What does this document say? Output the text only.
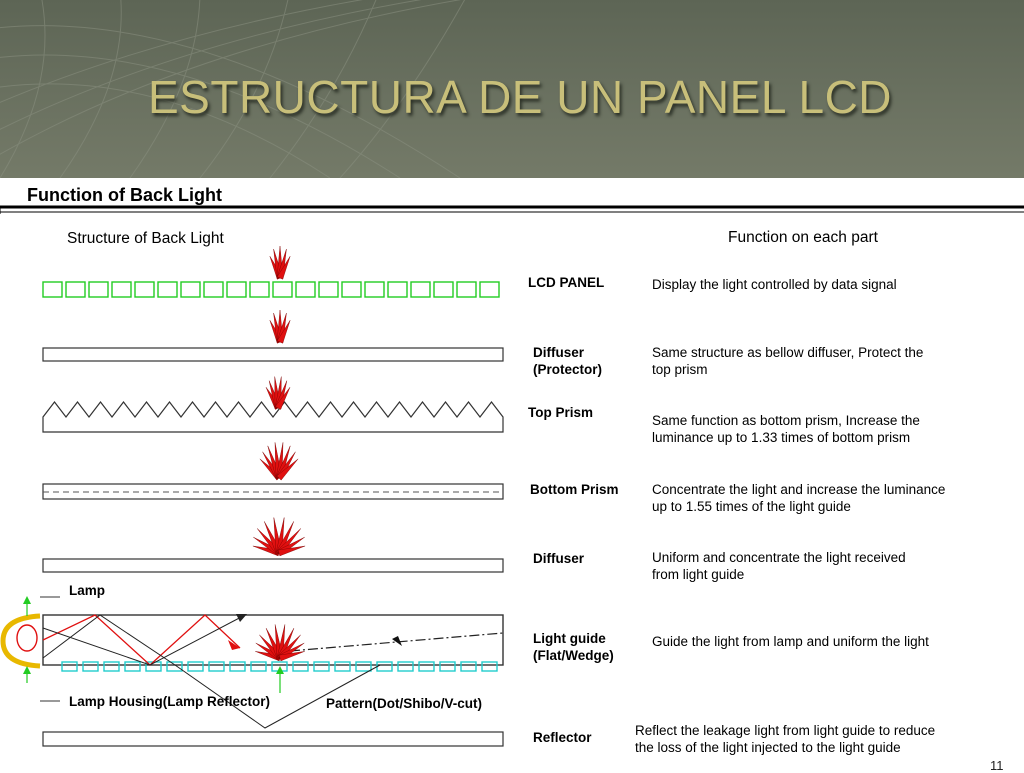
ESTRUCTURA DE UN PANEL LCD
Function of Back Light
Structure of Back Light	Function on each part
LCD PANEL
Diffuser
(Protector)
Top Prism
Bottom Prism
Diffuser
Light guide
(Flat/Wedge)
Reflector
Display the light controlled by data signal
Same structure as bellow diffuser, Protect the
top prism
Same function as bottom prism, Increase the
luminance up to 1.33 times of bottom prism
Concentrate the light and increase the luminance
up to 1.55 times of the light guide
Uniform and concentrate the light received
from light guide
Guide the light from lamp and uniform the light
Reflect the leakage light from light guide to reduce
the loss of the light injected to the light guide
Lamp
Lamp Housing(Lamp Reflector)	Pattern(Dot/Shibo/V-cut)
11
